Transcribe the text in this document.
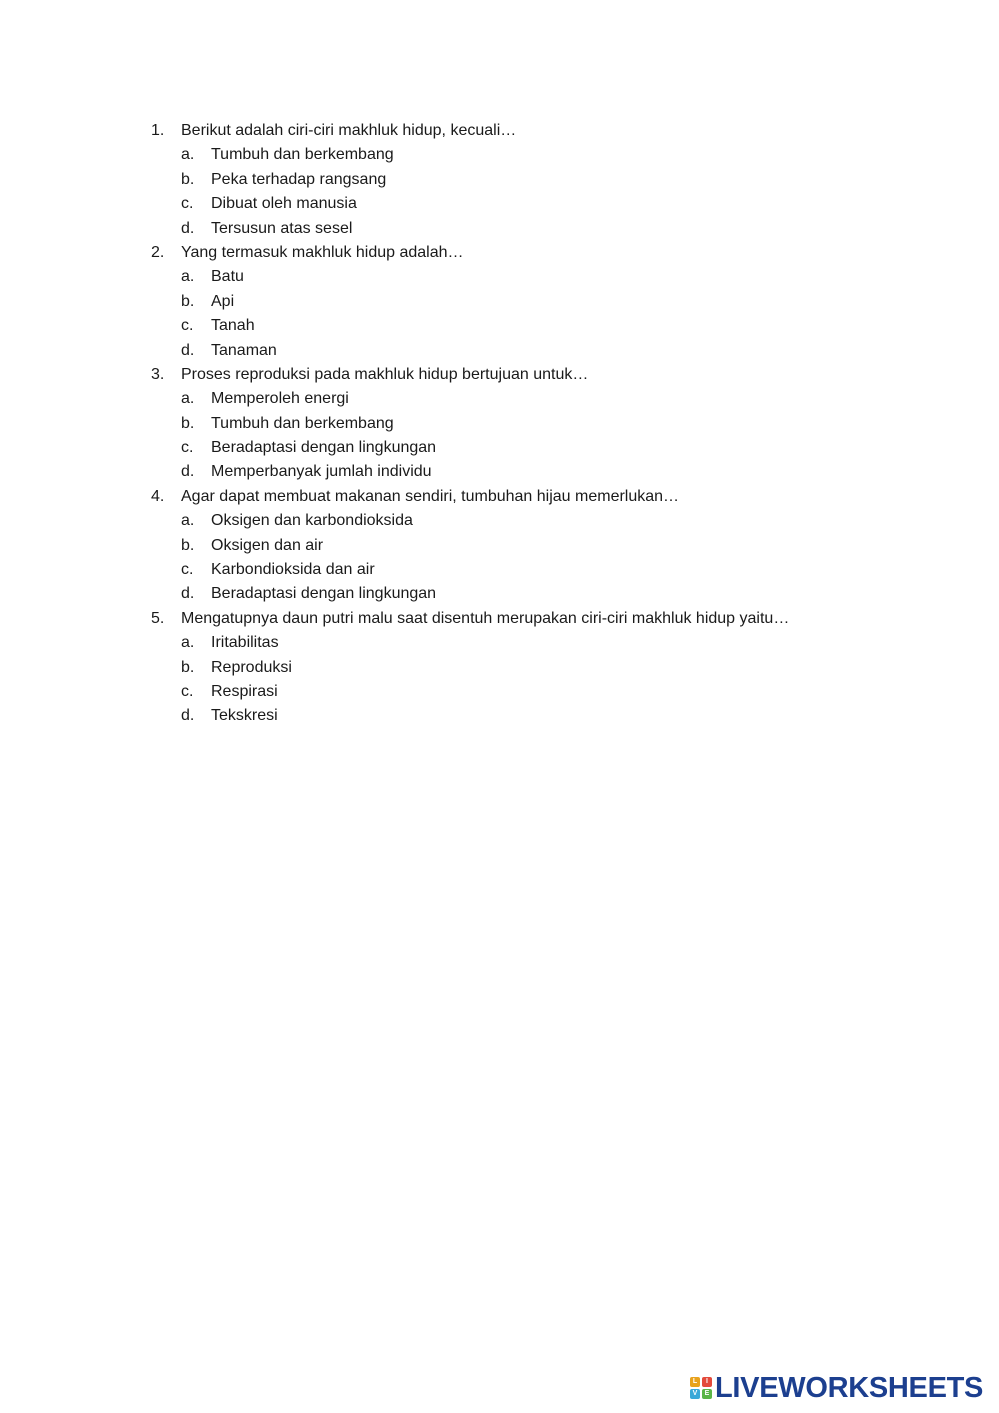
1. Berikut adalah ciri-ciri makhluk hidup, kecuali…
a. Tumbuh dan berkembang
b. Peka terhadap rangsang
c. Dibuat oleh manusia
d. Tersusun atas sesel
2. Yang termasuk makhluk hidup adalah…
a. Batu
b. Api
c. Tanah
d. Tanaman
3. Proses reproduksi pada makhluk hidup bertujuan untuk…
a. Memperoleh energi
b. Tumbuh dan berkembang
c. Beradaptasi dengan lingkungan
d. Memperbanyak jumlah individu
4. Agar dapat membuat makanan sendiri, tumbuhan hijau memerlukan…
a. Oksigen dan karbondioksida
b. Oksigen dan air
c. Karbondioksida dan air
d. Beradaptasi dengan lingkungan
5. Mengatupnya daun putri malu saat disentuh merupakan ciri-ciri makhluk hidup yaitu…
a. Iritabilitas
b. Reproduksi
c. Respirasi
d. Tekskresi
L	I
V	E LIVEWORKSHEETS
